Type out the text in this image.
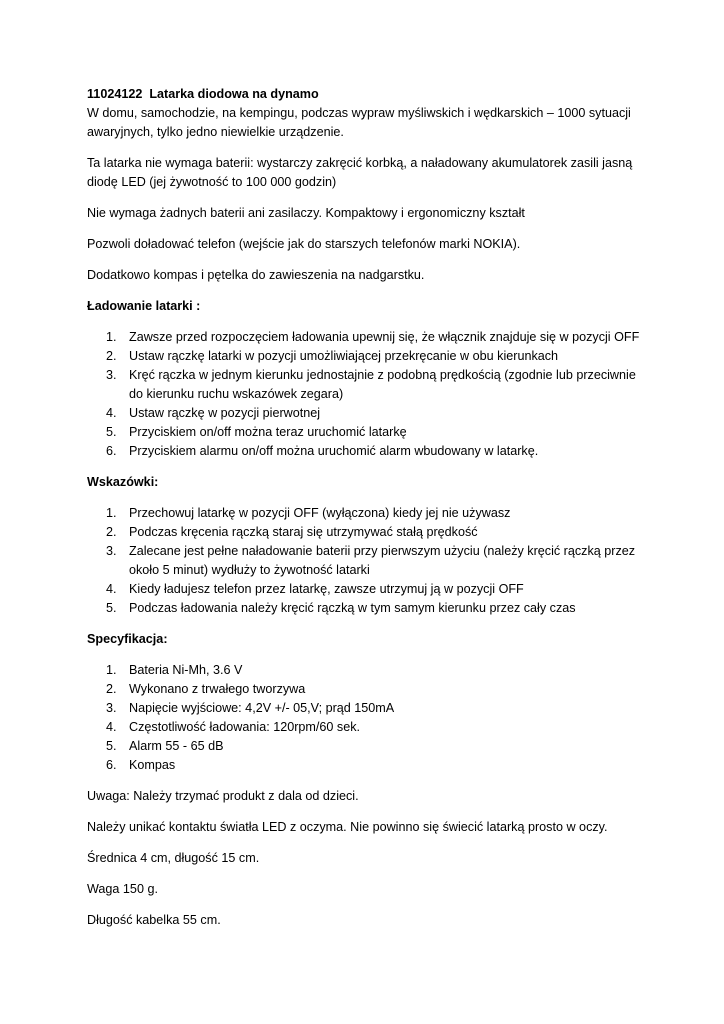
11024122 Latarka diodowa na dynamo

W domu, samochodzie, na kempingu, podczas wypraw myśliwskich i wędkarskich – 1000 sytuacji awaryjnych, tylko jedno niewielkie urządzenie.

Ta latarka nie wymaga baterii: wystarczy zakręcić korbką, a naładowany akumulatorek zasili jasną diodę LED (jej żywotność to 100 000 godzin)

Nie wymaga żadnych baterii ani zasilaczy. Kompaktowy i ergonomiczny kształt

Pozwoli doładować telefon (wejście jak do starszych telefonów marki NOKIA).

Dodatkowo kompas i pętelka do zawieszenia na nadgarstku.

Ładowanie latarki :

1. Zawsze przed rozpoczęciem ładowania upewnij się, że włącznik znajduje się w pozycji OFF
2. Ustaw rączkę latarki w pozycji umożliwiającej przekręcanie w obu kierunkach
3. Kręć rączka w jednym kierunku jednostajnie z podobną prędkością (zgodnie lub przeciwnie do kierunku ruchu wskazówek zegara)
4. Ustaw rączkę w pozycji pierwotnej
5. Przyciskiem on/off można teraz uruchomić latarkę
6. Przyciskiem alarmu on/off można uruchomić alarm wbudowany w latarkę.

Wskazówki:

1. Przechowuj latarkę w pozycji OFF (wyłączona) kiedy jej nie używasz
2. Podczas kręcenia rączką staraj się utrzymywać stałą prędkość
3. Zalecane jest pełne naładowanie baterii przy pierwszym użyciu (należy kręcić rączką przez około 5 minut) wydłuży to żywotność latarki
4. Kiedy ładujesz telefon przez latarkę, zawsze utrzymuj ją w pozycji OFF
5. Podczas ładowania należy kręcić rączką w tym samym kierunku przez cały czas

Specyfikacja:

1. Bateria Ni-Mh, 3.6 V
2. Wykonano z trwałego tworzywa
3. Napięcie wyjściowe: 4,2V +/- 05,V; prąd 150mA
4. Częstotliwość ładowania: 120rpm/60 sek.
5. Alarm 55 - 65 dB
6. Kompas

Uwaga: Należy trzymać produkt z dala od dzieci.

Należy unikać kontaktu światła LED z oczyma. Nie powinno się świecić latarką prosto w oczy.

Średnica 4 cm, długość 15 cm.

Waga 150 g.

Długość kabelka 55 cm.
